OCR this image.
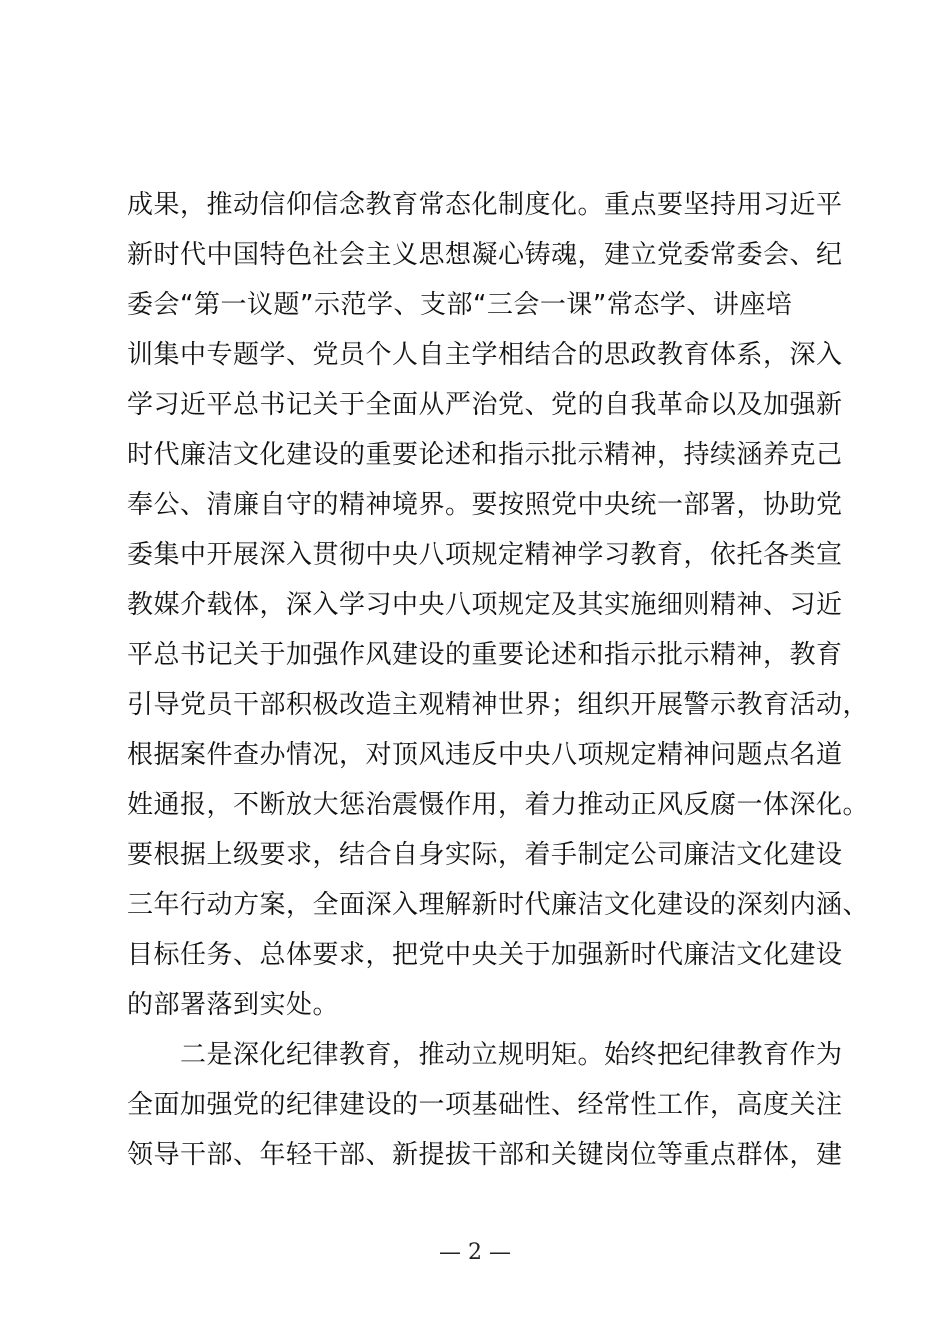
成果，推动信仰信念教育常态化制度化。重点要坚持用习近平
新时代中国特色社会主义思想凝心铸魂，建立党委常委会、纪
委会“第一议题”示范学、支部“三会一课”常态学、讲座培
训集中专题学、党员个人自主学相结合的思政教育体系，深入
学习近平总书记关于全面从严治党、党的自我革命以及加强新
时代廉洁文化建设的重要论述和指示批示精神，持续涵养克己
奉公、清廉自守的精神境界。要按照党中央统一部署，协助党
委集中开展深入贯彻中央八项规定精神学习教育，依托各类宣
教媒介载体，深入学习中央八项规定及其实施细则精神、习近
平总书记关于加强作风建设的重要论述和指示批示精神，教育
引导党员干部积极改造主观精神世界；组织开展警示教育活动，
根据案件查办情况，对顶风违反中央八项规定精神问题点名道
姓通报，不断放大惩治震慑作用，着力推动正风反腐一体深化。
要根据上级要求，结合自身实际，着手制定公司廉洁文化建设
三年行动方案，全面深入理解新时代廉洁文化建设的深刻内涵、
目标任务、总体要求，把党中央关于加强新时代廉洁文化建设
的部署落到实处。
　　二是深化纪律教育，推动立规明矩。始终把纪律教育作为
全面加强党的纪律建设的一项基础性、经常性工作，高度关注
领导干部、年轻干部、新提拔干部和关键岗位等重点群体，建
— 2 —
